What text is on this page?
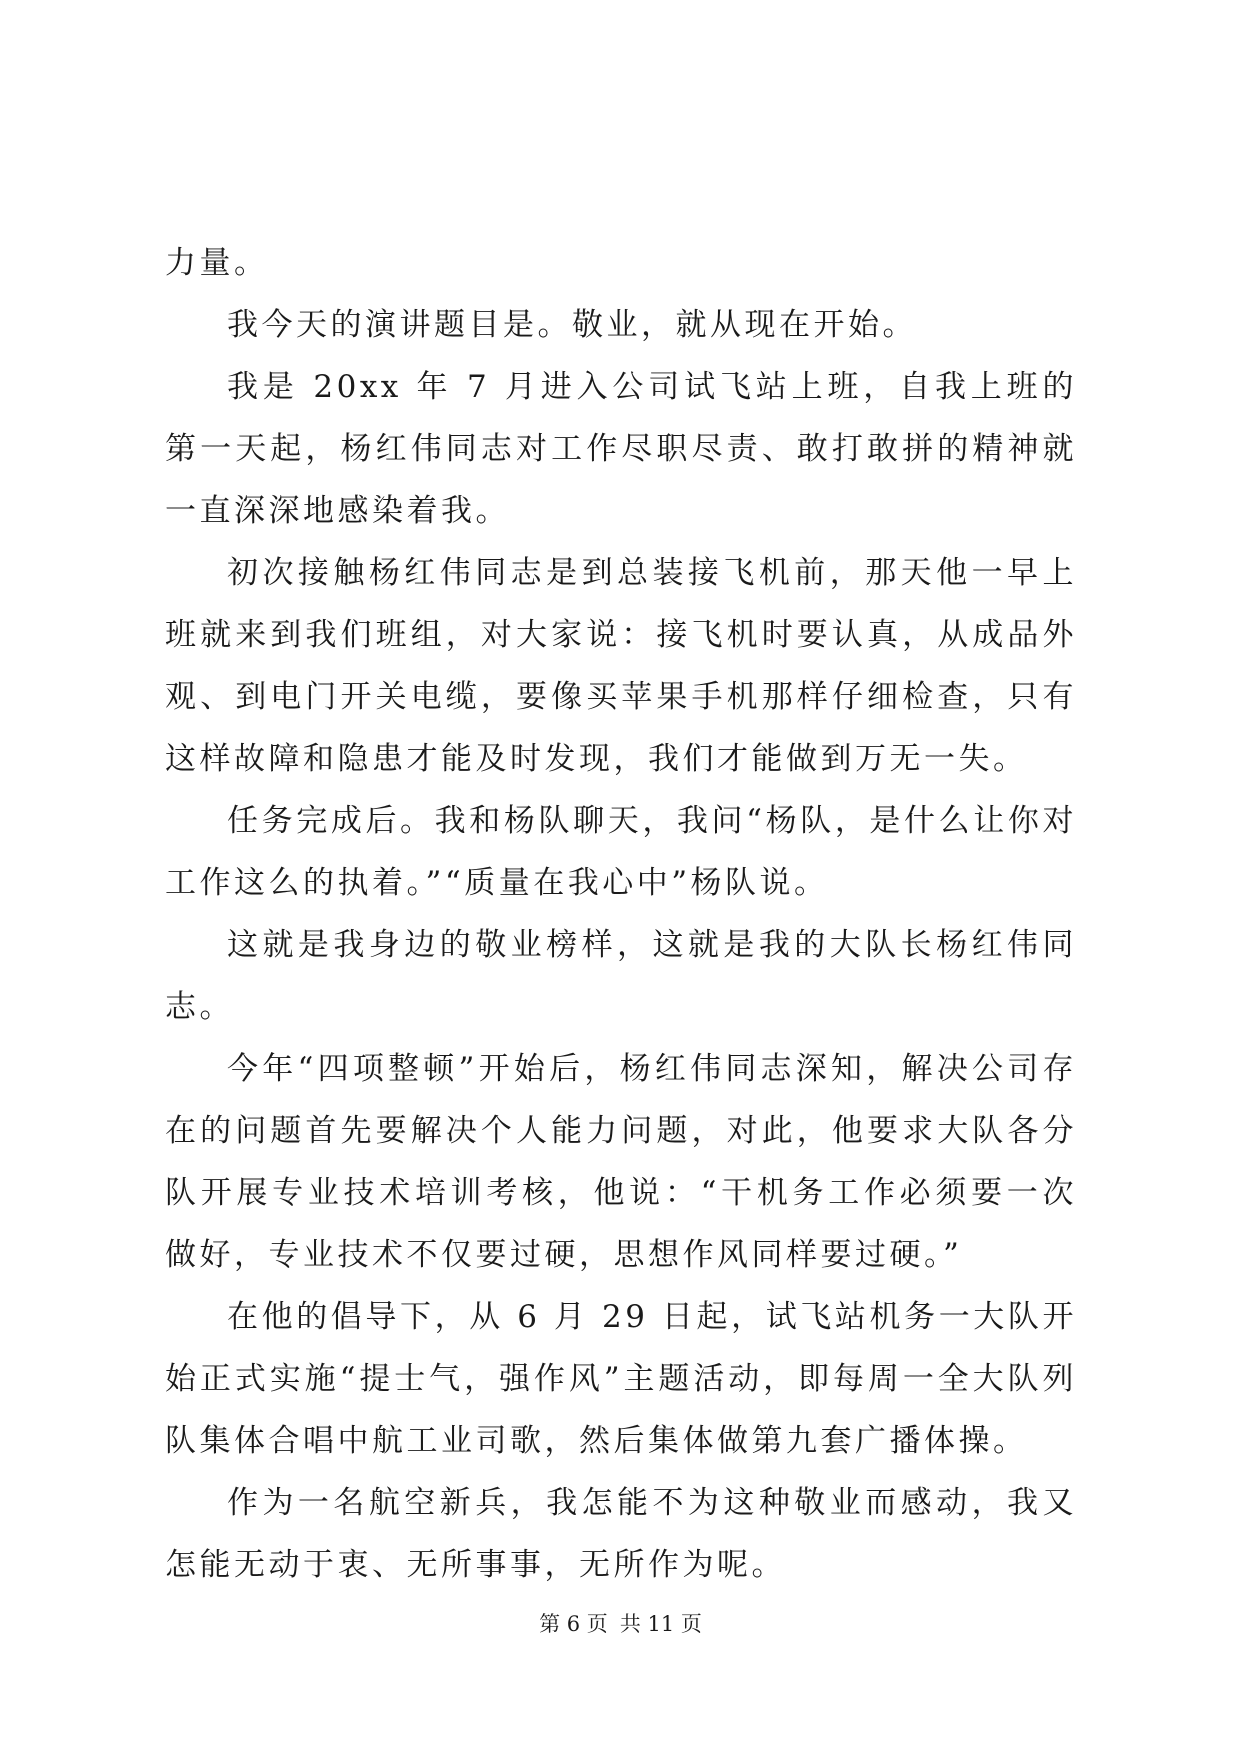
力量。

我今天的演讲题目是。敬业，就从现在开始。

我是 20xx 年 7 月进入公司试飞站上班，自我上班的第一天起，杨红伟同志对工作尽职尽责、敢打敢拼的精神就一直深深地感染着我。

初次接触杨红伟同志是到总装接飞机前，那天他一早上班就来到我们班组，对大家说：接飞机时要认真，从成品外观、到电门开关电缆，要像买苹果手机那样仔细检查，只有这样故障和隐患才能及时发现，我们才能做到万无一失。

任务完成后。我和杨队聊天，我问“杨队，是什么让你对工作这么的执着。”“质量在我心中”杨队说。

这就是我身边的敬业榜样，这就是我的大队长杨红伟同志。

今年“四项整顿”开始后，杨红伟同志深知，解决公司存在的问题首先要解决个人能力问题，对此，他要求大队各分队开展专业技术培训考核，他说：“干机务工作必须要一次做好，专业技术不仅要过硬，思想作风同样要过硬。”

在他的倡导下，从 6 月 29 日起，试飞站机务一大队开始正式实施“提士气，强作风”主题活动，即每周一全大队列队集体合唱中航工业司歌，然后集体做第九套广播体操。

作为一名航空新兵，我怎能不为这种敬业而感动，我又怎能无动于衷、无所事事，无所作为呢。

第 6 页 共 11 页
